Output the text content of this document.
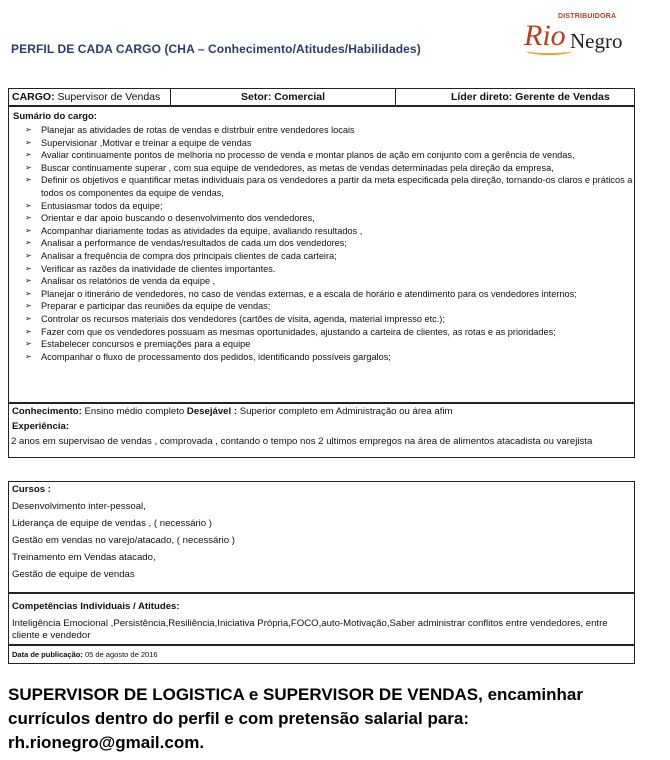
PERFIL DE CADA CARGO (CHA – Conhecimento/Atitudes/Habilidades)
DISTRIBUIDORA
Rio Negro
CARGO: Supervisor de Vendas	Setor: Comercial	Líder direto: Gerente de Vendas
Sumário do cargo:
➢ Planejar as atividades de rotas de vendas e distrbuir entre vendedores locais
➢ Supervisionar ,Motivar e treinar a equipe de vendas
➢ Avaliar continuamente pontos de melhoria no processo de venda e montar planos de ação em conjunto com a gerência de vendas,
➢ Buscar continuamente superar , com sua equipe de vendedores, as metas de vendas determinadas pela direção da empresa,
➢ Definir os objetivos e quantificar metas individuais para os vendedores a partir da meta especificada pela direção, tornando-os claros e práticos a todos os componentes da equipe de vendas,
➢ Entusiasmar todos da equipe;
➢ Orientar e dar apoio buscando o desenvolvimento dos vendedores,
➢ Acompanhar diariamente todas as atividades da equipe, avaliando resultados ,
➢ Analisar a performance de vendas/resultados de cada um dos vendedores;
➢ Analisar a frequência de compra dos principais clientes de cada carteira;
➢ Verificar as razões da inatividade de clientes importantes.
➢ Analisar os relatórios de venda da equipe ,
➢ Planejar o itinerário de vendedores, no caso de vendas externas, e a escala de horário e atendimento para os vendedores internos;
➢ Preparar e participar das reuniões da equipe de vendas;
➢ Controlar os recursos materiais dos vendedores (cartões de visita, agenda, material impresso etc.);
➢ Fazer com que os vendedores possuam as mesmas oportunidades, ajustando a carteira de clientes, as rotas e as prioridades;
➢ Estabelecer concursos e premiações para a equipe
➢ Acompanhar o fluxo de processamento dos pedidos, identificando possíveis gargalos;
Conhecimento: Ensino médio completo Desejável : Superior completo em Administração ou área afim
Experiência:
2 anos em supervisao de vendas , comprovada , contando o tempo nos 2 ultimos empregos na área de alimentos atacadista ou varejista
Cursos :
Desenvolvimento inter-pessoal,
Liderança de equipe de vendas , ( necessário )
Gestão em vendas no varejo/atacado, ( necessário )
Treinamento em Vendas atacado,
Gestão de equipe de vendas
Competências Individuais / Atitudes:
Inteligência Emocional ,Persistência,Resiliência,Iniciativa Própria,FOCO,auto-Motivação,Saber administrar conflitos entre vendedores, entre cliente e vendedor
Data de publicação: 05 de agosto de 2016
SUPERVISOR DE LOGISTICA e SUPERVISOR DE VENDAS, encaminhar currículos dentro do perfil e com pretensão salarial para: rh.rionegro@gmail.com.
